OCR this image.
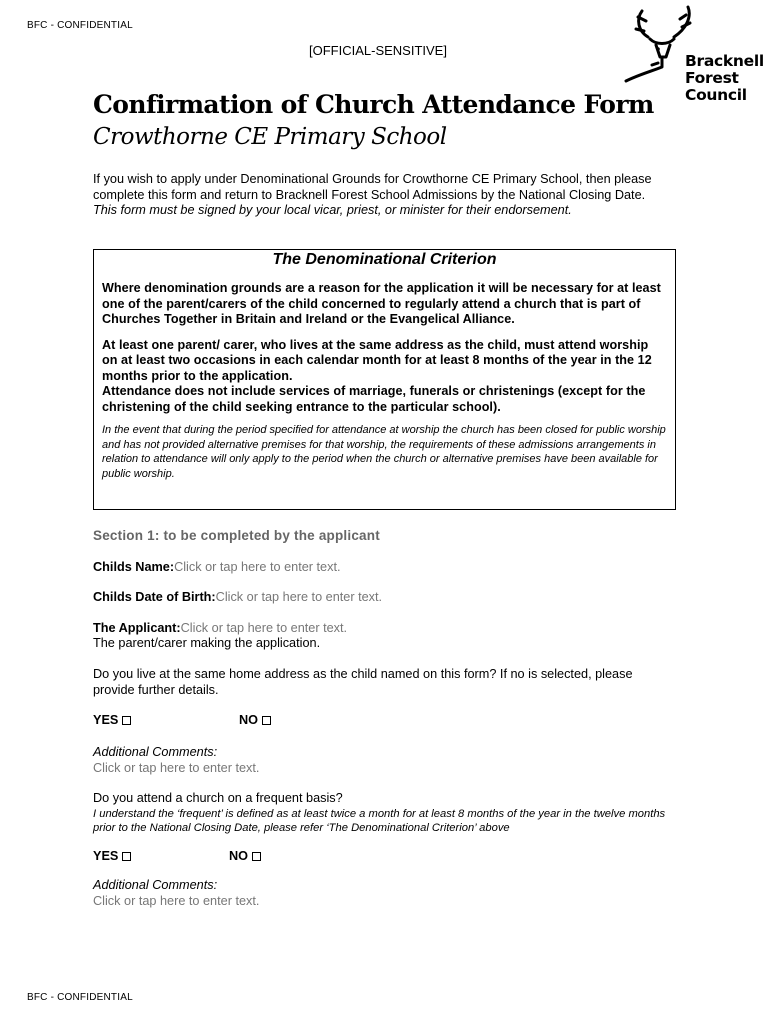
BFC - CONFIDENTIAL
[OFFICIAL-SENSITIVE]
Bracknell
Forest
Council
Confirmation of Church Attendance Form
Crowthorne CE Primary School

If you wish to apply under Denominational Grounds for Crowthorne CE Primary School, then please complete this form and return to Bracknell Forest School Admissions by the National Closing Date.

This form must be signed by your local vicar, priest, or minister for their endorsement.

The Denominational Criterion

Where denomination grounds are a reason for the application it will be necessary for at least one of the parent/carers of the child concerned to regularly attend a church that is part of Churches Together in Britain and Ireland or the Evangelical Alliance.

At least one parent/ carer, who lives at the same address as the child, must attend worship on at least two occasions in each calendar month for at least 8 months of the year in the 12 months prior to the application.

Attendance does not include services of marriage, funerals or christenings (except for the christening of the child seeking entrance to the particular school).

In the event that during the period specified for attendance at worship the church has been closed for public worship and has not provided alternative premises for that worship, the requirements of these admissions arrangements in relation to attendance will only apply to the period when the church or alternative premises have been available for public worship.

Section 1: to be completed by the applicant
Childs Name:Click or tap here to enter text.
Childs Date of Birth:Click or tap here to enter text.
The Applicant:Click or tap here to enter text.
The parent/carer making the application.
Do you live at the same home address as the child named on this form? If no is selected, please provide further details.
YES	NO
Additional Comments:
Click or tap here to enter text.
Do you attend a church on a frequent basis?
I understand the ‘frequent’ is defined as at least twice a month for at least 8 months of the year in the twelve months prior to the National Closing Date, please refer ‘The Denominational Criterion’ above
YES	NO
Additional Comments:
Click or tap here to enter text.
BFC - CONFIDENTIAL
